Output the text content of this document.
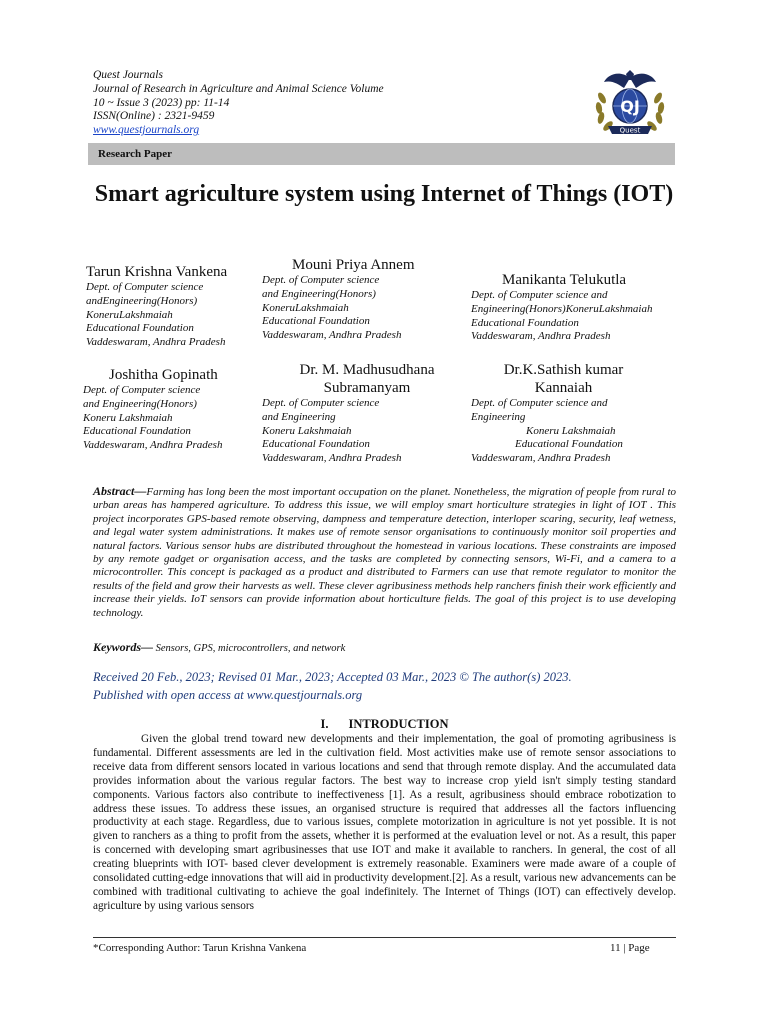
Quest Journals
Journal of Research in Agriculture and Animal Science Volume
10 ~ Issue 3 (2023) pp: 11-14
ISSN(Online) : 2321-9459
www.questjournals.org
QJ
Quest
Research Paper
Smart agriculture system using Internet of Things (IOT)
Tarun Krishna Vankena
Dept. of Computer science
andEngineering(Honors)
KoneruLakshmaiah
Educational Foundation
Vaddeswaram, Andhra Pradesh
Mouni Priya Annem
Dept. of Computer science
and Engineering(Honors)
KoneruLakshmaiah
Educational Foundation
Vaddeswaram, Andhra Pradesh
Manikanta Telukutla
Dept. of Computer science and
Engineering(Honors)KoneruLakshmaiah
Educational Foundation
Vaddeswaram, Andhra Pradesh
Joshitha Gopinath
Dept. of Computer science
and Engineering(Honors)
Koneru Lakshmaiah
Educational Foundation
Vaddeswaram, Andhra Pradesh
Dr. M. Madhusudhana
Subramanyam
Dept. of Computer science
and Engineering
Koneru Lakshmaiah
Educational Foundation
Vaddeswaram, Andhra Pradesh
Dr.K.Sathish kumar
Kannaiah
Dept. of Computer science and
Engineering
Koneru Lakshmaiah
Educational Foundation
Vaddeswaram, Andhra Pradesh
Abstract—Farming has long been the most important occupation on the planet. Nonetheless, the migration of people from rural to urban areas has hampered agriculture. To address this issue, we will employ smart horticulture strategies in light of IOT . This project incorporates GPS-based remote observing, dampness and temperature detection, interloper scaring, security, leaf wetness, and legal water system administrations. It makes use of remote sensor organisations to continuously monitor soil properties and natural factors. Various sensor hubs are distributed throughout the homestead in various locations. These constraints are imposed by any remote gadget or organisation access, and the tasks are completed by connecting sensors, Wi-Fi, and a camera to a microcontroller. This concept is packaged as a product and distributed to Farmers can use that remote regulator to monitor the results of the field and grow their harvests as well. These clever agribusiness methods help ranchers finish their work efficiently and increase their yields. IoT sensors can provide information about horticulture fields. The goal of this project is to use developing technology.
Keywords— Sensors, GPS, microcontrollers, and network
Received 20 Feb., 2023; Revised 01 Mar., 2023; Accepted 03 Mar., 2023 © The author(s) 2023.
Published with open access at www.questjournals.org
I. INTRODUCTION

Given the global trend toward new developments and their implementation, the goal of promoting agribusiness is fundamental. Different assessments are led in the cultivation field. Most activities make use of remote sensor associations to receive data from different sensors located in various locations and send that through remote display. And the accumulated data provides information about the various regular factors. The best way to increase crop yield isn't simply testing standard components. Various factors also contribute to ineffectiveness [1]. As a result, agribusiness should embrace robotization to address these issues. To address these issues, an organised structure is required that addresses all the factors influencing productivity at each stage. Regardless, due to various issues, complete motorization in agriculture is not yet possible. It is not given to ranchers as a thing to profit from the assets, whether it is performed at the evaluation level or not. As a result, this paper is concerned with developing smart agribusinesses that use IOT and make it available to ranchers. In general, the cost of all creating blueprints with IOT- based clever development is extremely reasonable. Examiners were made aware of a couple of consolidated cutting-edge innovations that will aid in productivity development.[2]. As a result, various new advancements can be combined with traditional cultivating to achieve the goal indefinitely. The Internet of Things (IOT) can effectively develop. agriculture by using various sensors

*Corresponding Author: Tarun Krishna Vankena	11 | Page
